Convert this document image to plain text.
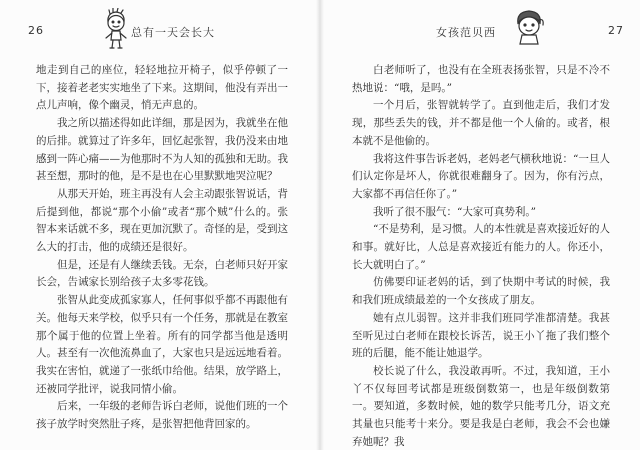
26	总有一天会长大

地走到自己的座位，轻轻地拉开椅子，似乎停顿了一下，接着老老实实地坐了下来。这期间，他没有弄出一点儿声响，像个幽灵，悄无声息的。

我之所以描述得如此详细，那是因为，我就坐在他的后排。就算过了许多年，回忆起张智，我仍没来由地感到一阵心痛——为他那时不为人知的孤独和无助。我甚至想，那时的他，是不是也在心里默默地哭泣呢？

从那天开始，班主再没有人会主动跟张智说话，背后提到他，都说“那个小偷”或者“那个贼”什么的。张智本来话就不多，现在更加沉默了。奇怪的是，受到这么大的打击，他的成绩还是很好。

但是，还是有人继续丢钱。无奈，白老师只好开家长会，告诫家长别给孩子太多零花钱。

张智从此变成孤家寡人，任何事似乎都不再跟他有关。他每天来学校，似乎只有一个任务，那就是在教室那个属于他的位置上坐着。所有的同学都当他是透明人。甚至有一次他流鼻血了，大家也只是远远地看着。我实在害怕，就递了一张纸巾给他。结果，放学路上，还被同学批评，说我同情小偷。

后来，一年级的老师告诉白老师，说他们班的一个孩子放学时突然肚子疼，是张智把他背回家的。

女孩范贝西	27

白老师听了，也没有在全班表扬张智，只是不冷不热地说：“哦，是吗。”

一个月后，张智就转学了。直到他走后，我们才发现，那些丢失的钱，并不都是他一个人偷的。或者，根本就不是他偷的。

我将这件事告诉老妈，老妈老气横秋地说：“一旦人们认定你是坏人，你就很难翻身了。因为，你有污点，大家都不再信任你了。”

我听了很不服气：“大家可真势利。”

“不是势利，是习惯。人的本性就是喜欢接近好的人和事。就好比，人总是喜欢接近有能力的人。你还小，长大就明白了。”

仿佛要印证老妈的话，到了快期中考试的时候，我和我们班成绩最差的一个女孩成了朋友。

她有点儿弱智。这并非我们班同学准都清楚。我甚至听见过白老师在跟校长诉苦，说王小丫拖了我们整个班的后腿，能不能让她退学。

校长说了什么，我没敢再听。不过，我知道，王小丫不仅每回考试都是班级倒数第一，也是年级倒数第一。要知道，多数时候，她的数学只能考几分，语文充其量也只能考十来分。要是我是白老师，我会不会也嫌弃她呢？我
